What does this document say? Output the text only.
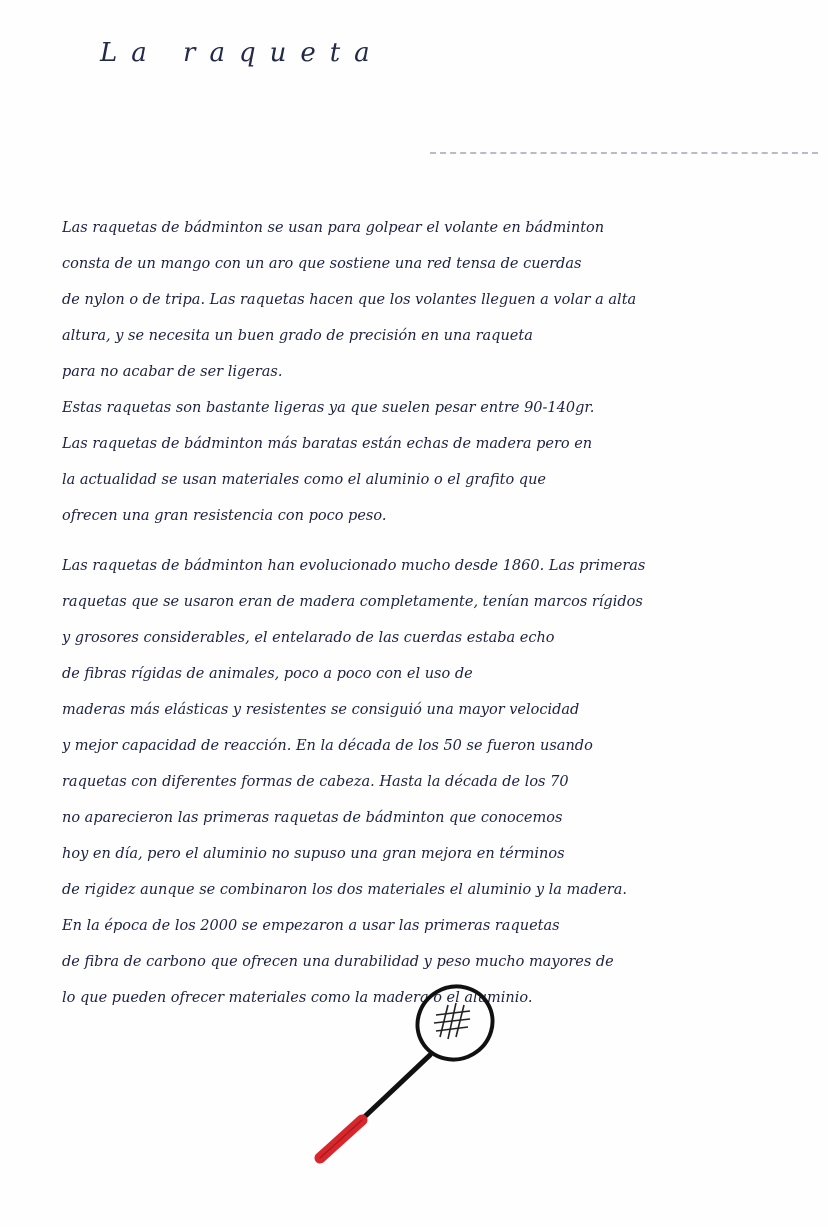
La raqueta
Las raquetas de bádminton se usan para golpear el volante en bádminton
consta de un mango con un aro que sostiene una red tensa de cuerdas
de nylon o de tripa. Las raquetas hacen que los volantes lleguen a volar a alta
altura, y se necesita un buen grado de precisión en una raqueta
para no acabar de ser ligeras.
Estas raquetas son bastante ligeras ya que suelen pesar entre 90-140gr.
Las raquetas de bádminton más baratas están echas de madera pero en
la actualidad se usan materiales como el aluminio o el grafito que
ofrecen una gran resistencia con poco peso.
Las raquetas de bádminton han evolucionado mucho desde 1860. Las primeras
raquetas que se usaron eran de madera completamente, tenían marcos rígidos
y grosores considerables, el entelarado de las cuerdas estaba echo
de fibras rígidas de animales, poco a poco con el uso de
maderas más elásticas y resistentes se consiguió una mayor velocidad
y mejor capacidad de reacción. En la década de los 50 se fueron usando
raquetas con diferentes formas de cabeza. Hasta la década de los 70
no aparecieron las primeras raquetas de bádminton que conocemos
hoy en día, pero el aluminio no supuso una gran mejora en términos
de rigidez aunque se combinaron los dos materiales el aluminio y la madera.
En la época de los 2000 se empezaron a usar las primeras raquetas
de fibra de carbono que ofrecen una durabilidad y peso mucho mayores de
lo que pueden ofrecer materiales como la madera o el aluminio.
